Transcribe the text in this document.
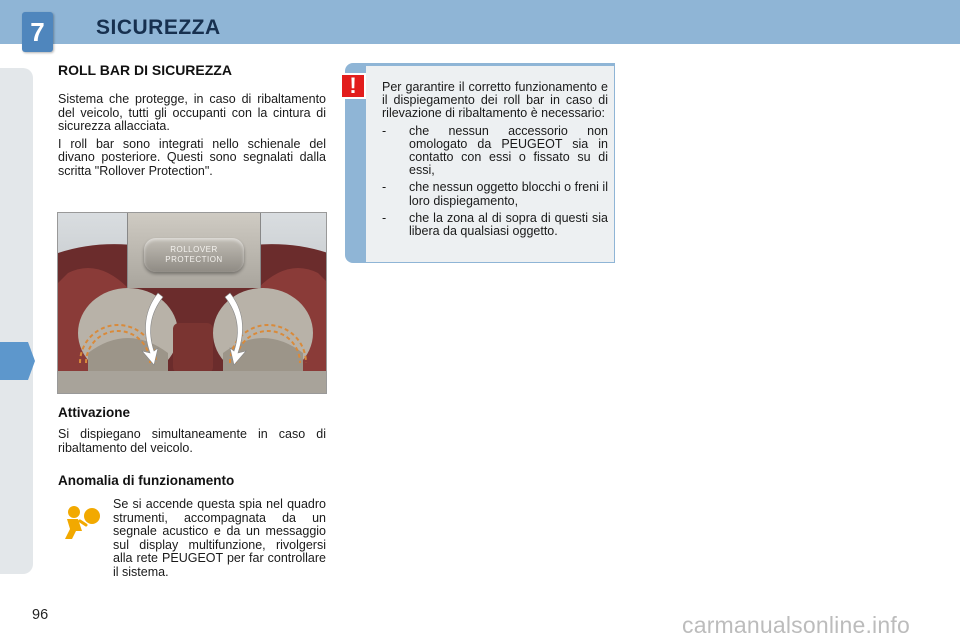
7	SICUREZZA
ROLL BAR DI SICUREZZA

Sistema che protegge, in caso di ribaltamento del veicolo, tutti gli occupanti con la cintura di sicurezza allacciata.

I roll bar sono integrati nello schienale del divano posteriore. Questi sono segnalati dalla scritta "Rollover Protection".

ROLLOVER PROTECTION
Attivazione

Si dispiegano simultaneamente in caso di ribaltamento del veicolo.

Anomalia di funzionamento

Se si accende questa spia nel quadro strumenti, accompagnata da un segnale acustico e da un messaggio sul display multifunzione, rivolgersi alla rete PEUGEOT per far controllare il sistema.

Per garantire il corretto funzionamento e il dispiegamento dei roll bar in caso di rilevazione di ribaltamento è necessario:

- che nessun accessorio non omologato da PEUGEOT sia in contatto con essi o fissato su di essi,
- che nessun oggetto blocchi o freni il loro dispiegamento,
- che la zona al di sopra di questi sia libera da qualsiasi oggetto.
!
96	carmanualsonline.info
